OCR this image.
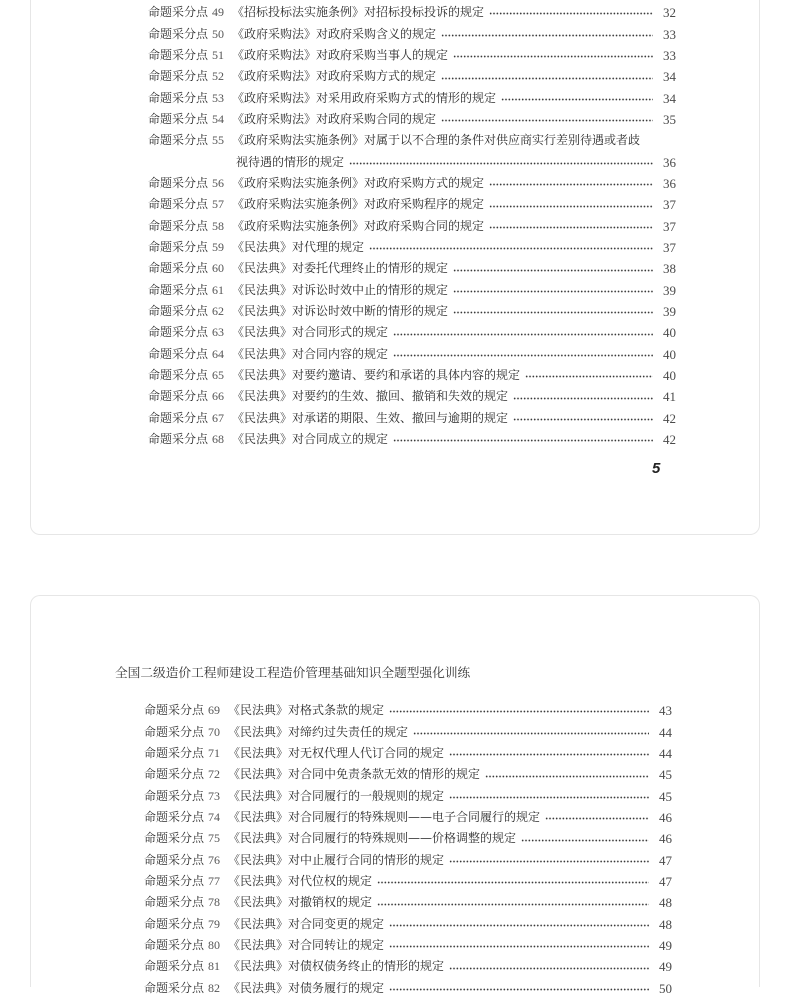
命题采分点 49 《招标投标法实施条例》对招标投标投诉的规定	32
命题采分点 50 《政府采购法》对政府采购含义的规定	33
命题采分点 51 《政府采购法》对政府采购当事人的规定	33
命题采分点 52 《政府采购法》对政府采购方式的规定	34
命题采分点 53 《政府采购法》对采用政府采购方式的情形的规定	34
命题采分点 54 《政府采购法》对政府采购合同的规定	35
命题采分点 55 《政府采购法实施条例》对属于以不合理的条件对供应商实行差别待遇或者歧
视待遇的情形的规定	36
命题采分点 56 《政府采购法实施条例》对政府采购方式的规定	36
命题采分点 57 《政府采购法实施条例》对政府采购程序的规定	37
命题采分点 58 《政府采购法实施条例》对政府采购合同的规定	37
命题采分点 59 《民法典》对代理的规定	37
命题采分点 60 《民法典》对委托代理终止的情形的规定	38
命题采分点 61 《民法典》对诉讼时效中止的情形的规定	39
命题采分点 62 《民法典》对诉讼时效中断的情形的规定	39
命题采分点 63 《民法典》对合同形式的规定	40
命题采分点 64 《民法典》对合同内容的规定	40
命题采分点 65 《民法典》对要约邀请、要约和承诺的具体内容的规定	40
命题采分点 66 《民法典》对要约的生效、撤回、撤销和失效的规定	41
命题采分点 67 《民法典》对承诺的期限、生效、撤回与逾期的规定	42
命题采分点 68 《民法典》对合同成立的规定	42
5
全国二级造价工程师建设工程造价管理基础知识全题型强化训练
命题采分点 69 《民法典》对格式条款的规定	43
命题采分点 70 《民法典》对缔约过失责任的规定	44
命题采分点 71 《民法典》对无权代理人代订合同的规定	44
命题采分点 72 《民法典》对合同中免责条款无效的情形的规定	45
命题采分点 73 《民法典》对合同履行的一般规则的规定	45
命题采分点 74 《民法典》对合同履行的特殊规则——电子合同履行的规定	46
命题采分点 75 《民法典》对合同履行的特殊规则——价格调整的规定	46
命题采分点 76 《民法典》对中止履行合同的情形的规定	47
命题采分点 77 《民法典》对代位权的规定	47
命题采分点 78 《民法典》对撤销权的规定	48
命题采分点 79 《民法典》对合同变更的规定	48
命题采分点 80 《民法典》对合同转让的规定	49
命题采分点 81 《民法典》对债权债务终止的情形的规定	49
命题采分点 82 《民法典》对债务履行的规定	50
